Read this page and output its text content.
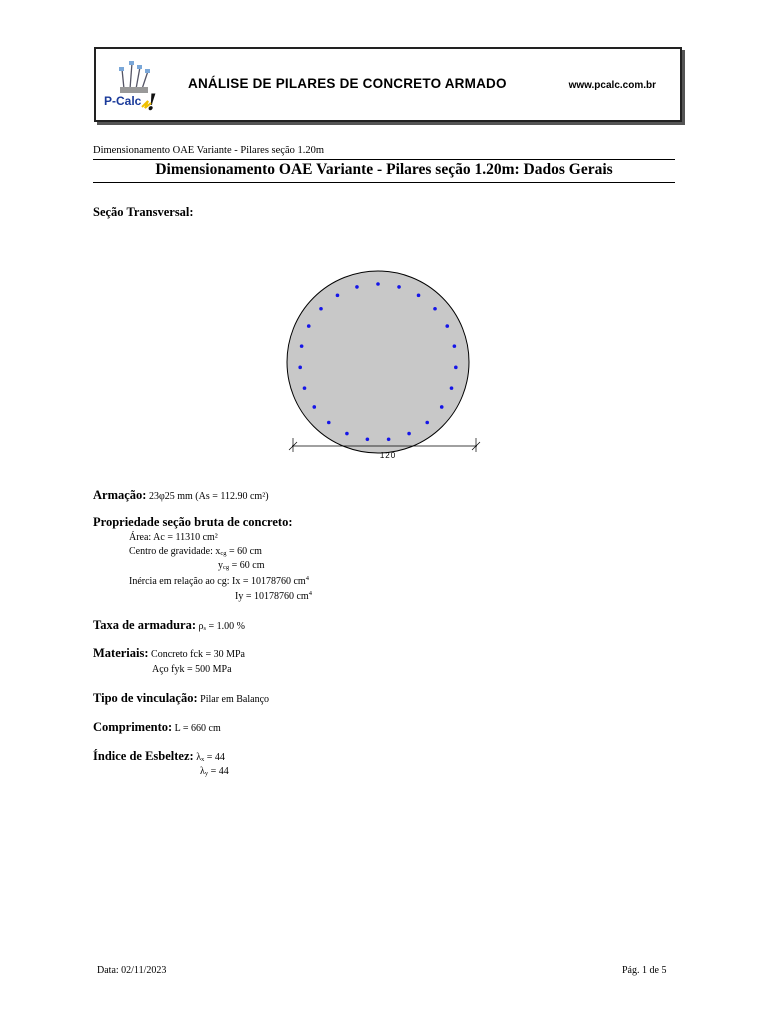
P-Calc !
ANÁLISE DE PILARES DE CONCRETO ARMADO	www.pcalc.com.br
Dimensionamento OAE Variante - Pilares seção 1.20m
Dimensionamento OAE Variante - Pilares seção 1.20m: Dados Gerais
Seção Transversal:
120
Armação: 23φ25 mm (As = 112.90 cm²)
Propriedade seção bruta de concreto:
Área: Ac = 11310 cm²
Centro de gravidade: xcg = 60 cm
ycg = 60 cm
Inércia em relação ao cg: Ix = 10178760 $cm^4$
Iy = 10178760 $cm^4$
Taxa de armadura: ρs = 1.00 %
Materiais: Concreto fck = 30 MPa
Aço fyk = 500 MPa
Tipo de vinculação: Pilar em Balanço
Comprimento: L = 660 cm
Índice de Esbeltez: λx = 44
λy = 44
Data: 02/11/2023	Pág. 1 de 5
